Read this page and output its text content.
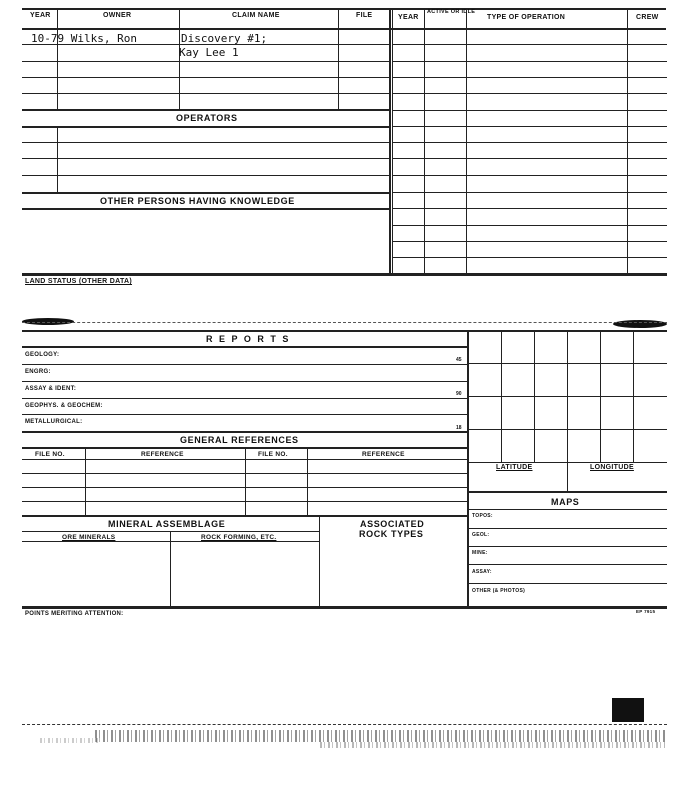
YEAR	OWNER	CLAIM NAME	FILE
10-79 Wilks, Ron	Discovery #1;
Kay Lee 1
OPERATORS
OTHER PERSONS HAVING KNOWLEDGE
YEAR
ACTIVE OR IDLE
TYPE OF OPERATION	CREW
LAND STATUS (OTHER DATA)
R E P O R T S
GEOLOGY:
45
ENGRG:
ASSAY & IDENT:
90
GEOPHYS. & GEOCHEM:
METALLURGICAL:
18
GENERAL REFERENCES
FILE NO.	REFERENCE	FILE NO.	REFERENCE
MINERAL ASSEMBLAGE
ORE MINERALS	ROCK FORMING, ETC.
ASSOCIATED
ROCK TYPES
LATITUDE	LONGITUDE
MAPS
TOPOS:
GEOL:
MINE:
ASSAY:
OTHER (& PHOTOS)
POINTS MERITING ATTENTION:	EP 7915
